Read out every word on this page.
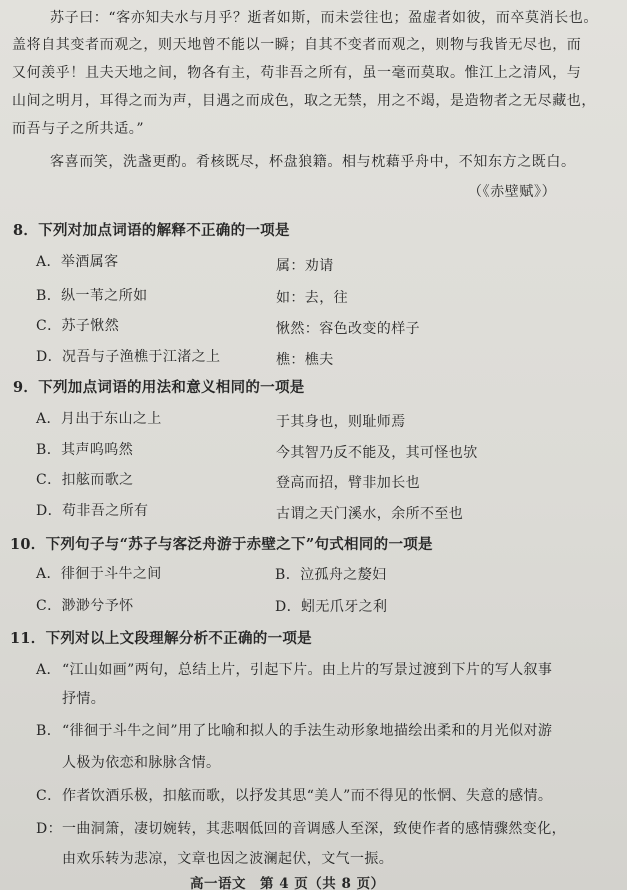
苏子曰：“客亦知夫水与月乎？逝者如斯，而未尝往也；盈虚者如彼，而卒莫消长也。
盖将自其变者而观之，则天地曾不能以一瞬；自其不变者而观之，则物与我皆无尽也，而
又何羡乎！且夫天地之间，物各有主，苟非吾之所有，虽一毫而莫取。惟江上之清风，与
山间之明月，耳得之而为声，目遇之而成色，取之无禁，用之不竭，是造物者之无尽藏也，
而吾与子之所共适。”
客喜而笑，洗盏更酌。肴核既尽，杯盘狼籍。相与枕藉乎舟中，不知东方之既白。
（《赤壁赋》）
8．下列对加点词语的解释不正确的一项是
A．举酒属客	属：劝请
B．纵一苇之所如	如：去，往
C．苏子愀然	愀然：容色改变的样子
D．况吾与子渔樵于江渚之上	樵：樵夫
9．下列加点词语的用法和意义相同的一项是
A．月出于东山之上	于其身也，则耻师焉
B．其声呜呜然	今其智乃反不能及，其可怪也欤
C．扣舷而歌之	登高而招，臂非加长也
D．苟非吾之所有	古谓之天门溪水，余所不至也
10．下列句子与“苏子与客泛舟游于赤壁之下”句式相同的一项是
A．徘徊于斗牛之间	B．泣孤舟之嫠妇
C．渺渺兮予怀	D．蚓无爪牙之利
11．下列对以上文段理解分析不正确的一项是
A． “江山如画”两句，总结上片，引起下片。由上片的写景过渡到下片的写人叙事
抒情。
B． “徘徊于斗牛之间”用了比喻和拟人的手法生动形象地描绘出柔和的月光似对游
人极为依恋和脉脉含情。
C． 作者饮酒乐极，扣舷而歌，以抒发其思“美人”而不得见的怅惘、失意的感情。
D： 一曲洞箫，凄切婉转，其悲咽低回的音调感人至深，致使作者的感情骤然变化，
由欢乐转为悲凉，文章也因之波澜起伏，文气一振。
高一语文　第 4 页（共 8 页）
